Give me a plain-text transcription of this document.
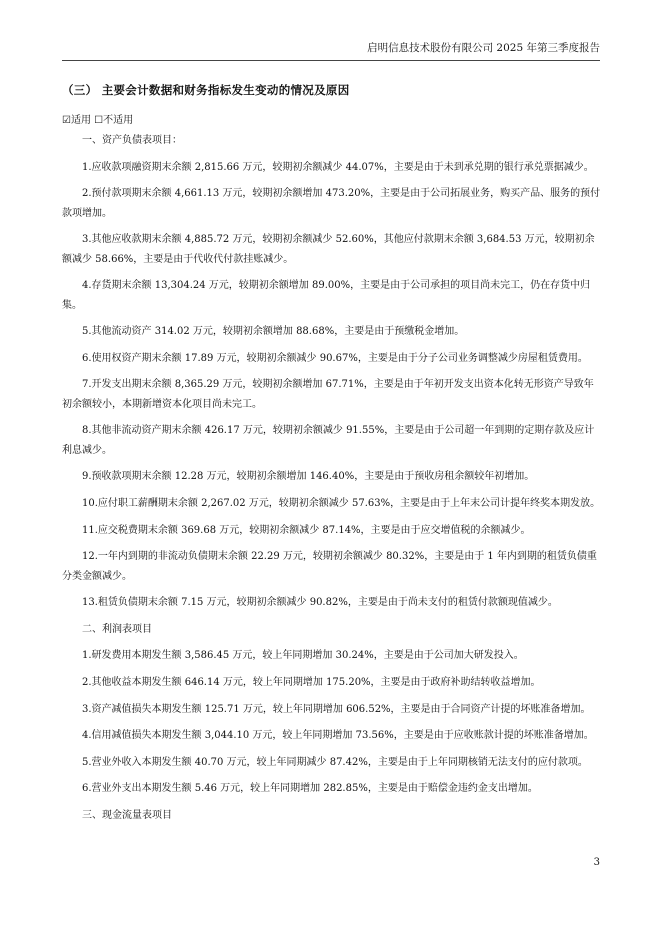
启明信息技术股份有限公司 2025 年第三季度报告
（三） 主要会计数据和财务指标发生变动的情况及原因
☑适用 ☐不适用

一、资产负债表项目：

1.应收款项融资期末余额 2,815.66 万元，较期初余额减少 44.07%，主要是由于未到承兑期的银行承兑票据减少。

2.预付款项期末余额 4,661.13 万元，较期初余额增加 473.20%，主要是由于公司拓展业务，购买产品、服务的预付款项增加。

3.其他应收款期末余额 4,885.72 万元，较期初余额减少 52.60%，其他应付款期末余额 3,684.53 万元，较期初余额减少 58.66%，主要是由于代收代付款挂账减少。

4.存货期末余额 13,304.24 万元，较期初余额增加 89.00%，主要是由于公司承担的项目尚未完工，仍在存货中归集。

5.其他流动资产 314.02 万元，较期初余额增加 88.68%，主要是由于预缴税金增加。

6.使用权资产期末余额 17.89 万元，较期初余额减少 90.67%，主要是由于分子公司业务调整减少房屋租赁费用。

7.开发支出期末余额 8,365.29 万元，较期初余额增加 67.71%，主要是由于年初开发支出资本化转无形资产导致年初余额较小，本期新增资本化项目尚未完工。

8.其他非流动资产期末余额 426.17 万元，较期初余额减少 91.55%，主要是由于公司超一年到期的定期存款及应计利息减少。

9.预收款项期末余额 12.28 万元，较期初余额增加 146.40%，主要是由于预收房租余额较年初增加。

10.应付职工薪酬期末余额 2,267.02 万元，较期初余额减少 57.63%，主要是由于上年末公司计提年终奖本期发放。

11.应交税费期末余额 369.68 万元，较期初余额减少 87.14%，主要是由于应交增值税的余额减少。

12.一年内到期的非流动负债期末余额 22.29 万元，较期初余额减少 80.32%，主要是由于 1 年内到期的租赁负债重分类金额减少。

13.租赁负债期末余额 7.15 万元，较期初余额减少 90.82%，主要是由于尚未支付的租赁付款额现值减少。

二、利润表项目

1.研发费用本期发生额 3,586.45 万元，较上年同期增加 30.24%，主要是由于公司加大研发投入。

2.其他收益本期发生额 646.14 万元，较上年同期增加 175.20%，主要是由于政府补助结转收益增加。

3.资产减值损失本期发生额 125.71 万元，较上年同期增加 606.52%，主要是由于合同资产计提的坏账准备增加。

4.信用减值损失本期发生额 3,044.10 万元，较上年同期增加 73.56%，主要是由于应收账款计提的坏账准备增加。

5.营业外收入本期发生额 40.70 万元，较上年同期减少 87.42%，主要是由于上年同期核销无法支付的应付款项。

6.营业外支出本期发生额 5.46 万元，较上年同期增加 282.85%，主要是由于赔偿金违约金支出增加。

三、现金流量表项目

3
